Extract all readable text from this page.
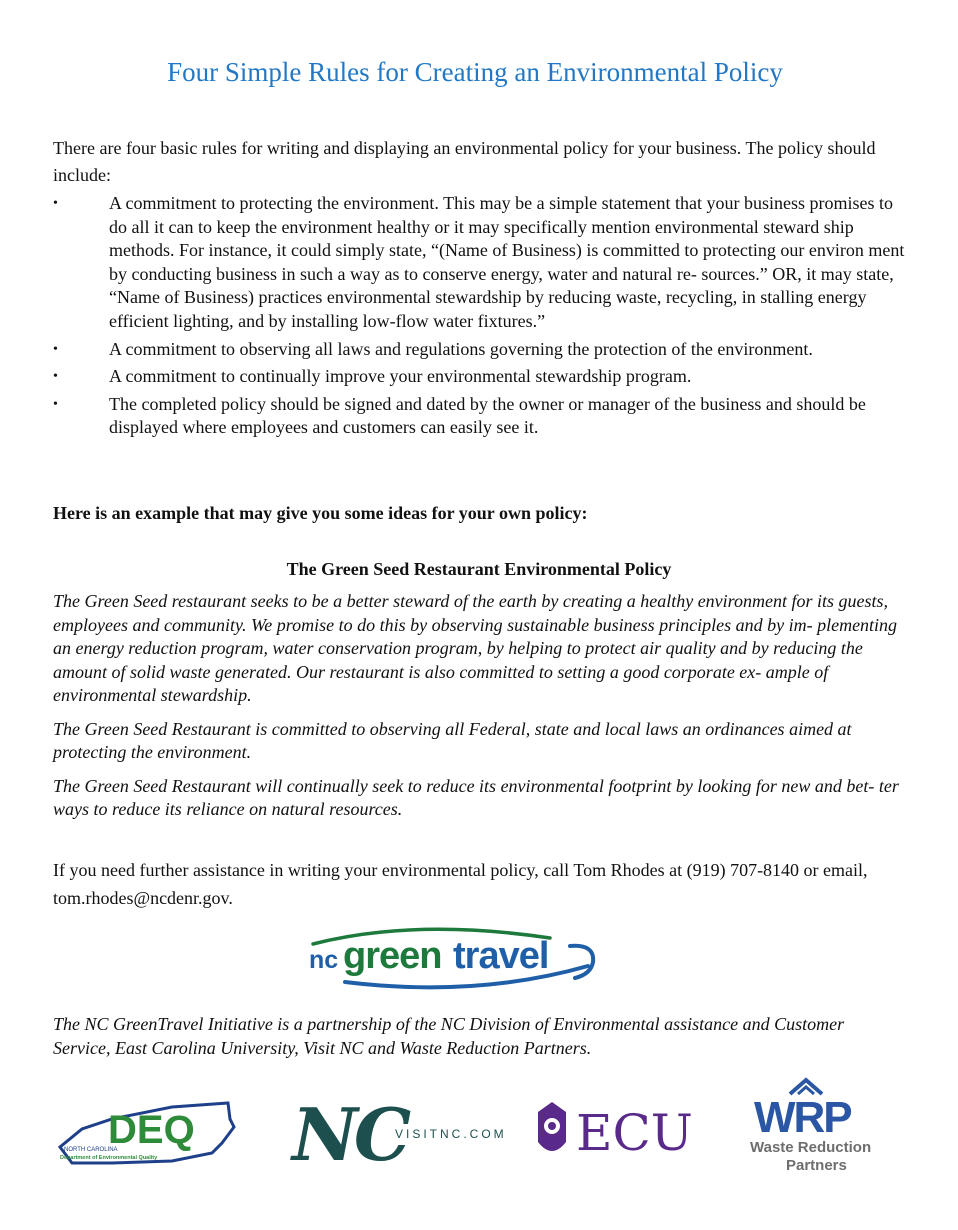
Four Simple Rules for Creating an Environmental Policy

There are four basic rules for writing and displaying an environmental policy for your business. The policy should include:

• A commitment to protecting the environment. This may be a simple statement that your business promises to do all it can to keep the environment healthy or it may specifically mention environmental steward ship methods. For instance, it could simply state, “(Name of Business) is committed to protecting our environ ment by conducting business in such a way as to conserve energy, water and natural re- sources.” OR, it may state, “Name of Business) practices environmental stewardship by reducing waste, recycling, in stalling energy efficient lighting, and by installing low-flow water fixtures.”
• A commitment to observing all laws and regulations governing the protection of the environment.
• A commitment to continually improve your environmental stewardship program.
• The completed policy should be signed and dated by the owner or manager of the business and should be displayed where employees and customers can easily see it.

Here is an example that may give you some ideas for your own policy:

The Green Seed Restaurant Environmental Policy

The Green Seed restaurant seeks to be a better steward of the earth by creating a healthy environment for its guests, employees and community. We promise to do this by observing sustainable business principles and by im- plementing an energy reduction program, water conservation program, by helping to protect air quality and by reducing the amount of solid waste generated. Our restaurant is also committed to setting a good corporate ex- ample of environmental stewardship.

The Green Seed Restaurant is committed to observing all Federal, state and local laws an ordinances aimed at protecting the environment.

The Green Seed Restaurant will continually seek to reduce its environmental footprint by looking for new and bet- ter ways to reduce its reliance on natural resources.

If you need further assistance in writing your environmental policy, call Tom Rhodes at (919) 707-8140 or email, tom.rhodes@ncdenr.gov.

nc green travel

The NC GreenTravel Initiative is a partnership of the NC Division of Environmental assistance and Customer Service, East Carolina University, Visit NC and Waste Reduction Partners.

NORTH CAROLINA
DEQ
Department of Environmental Quality NC
VISITNC.COM ECU WRP
Waste Reduction
Partners
